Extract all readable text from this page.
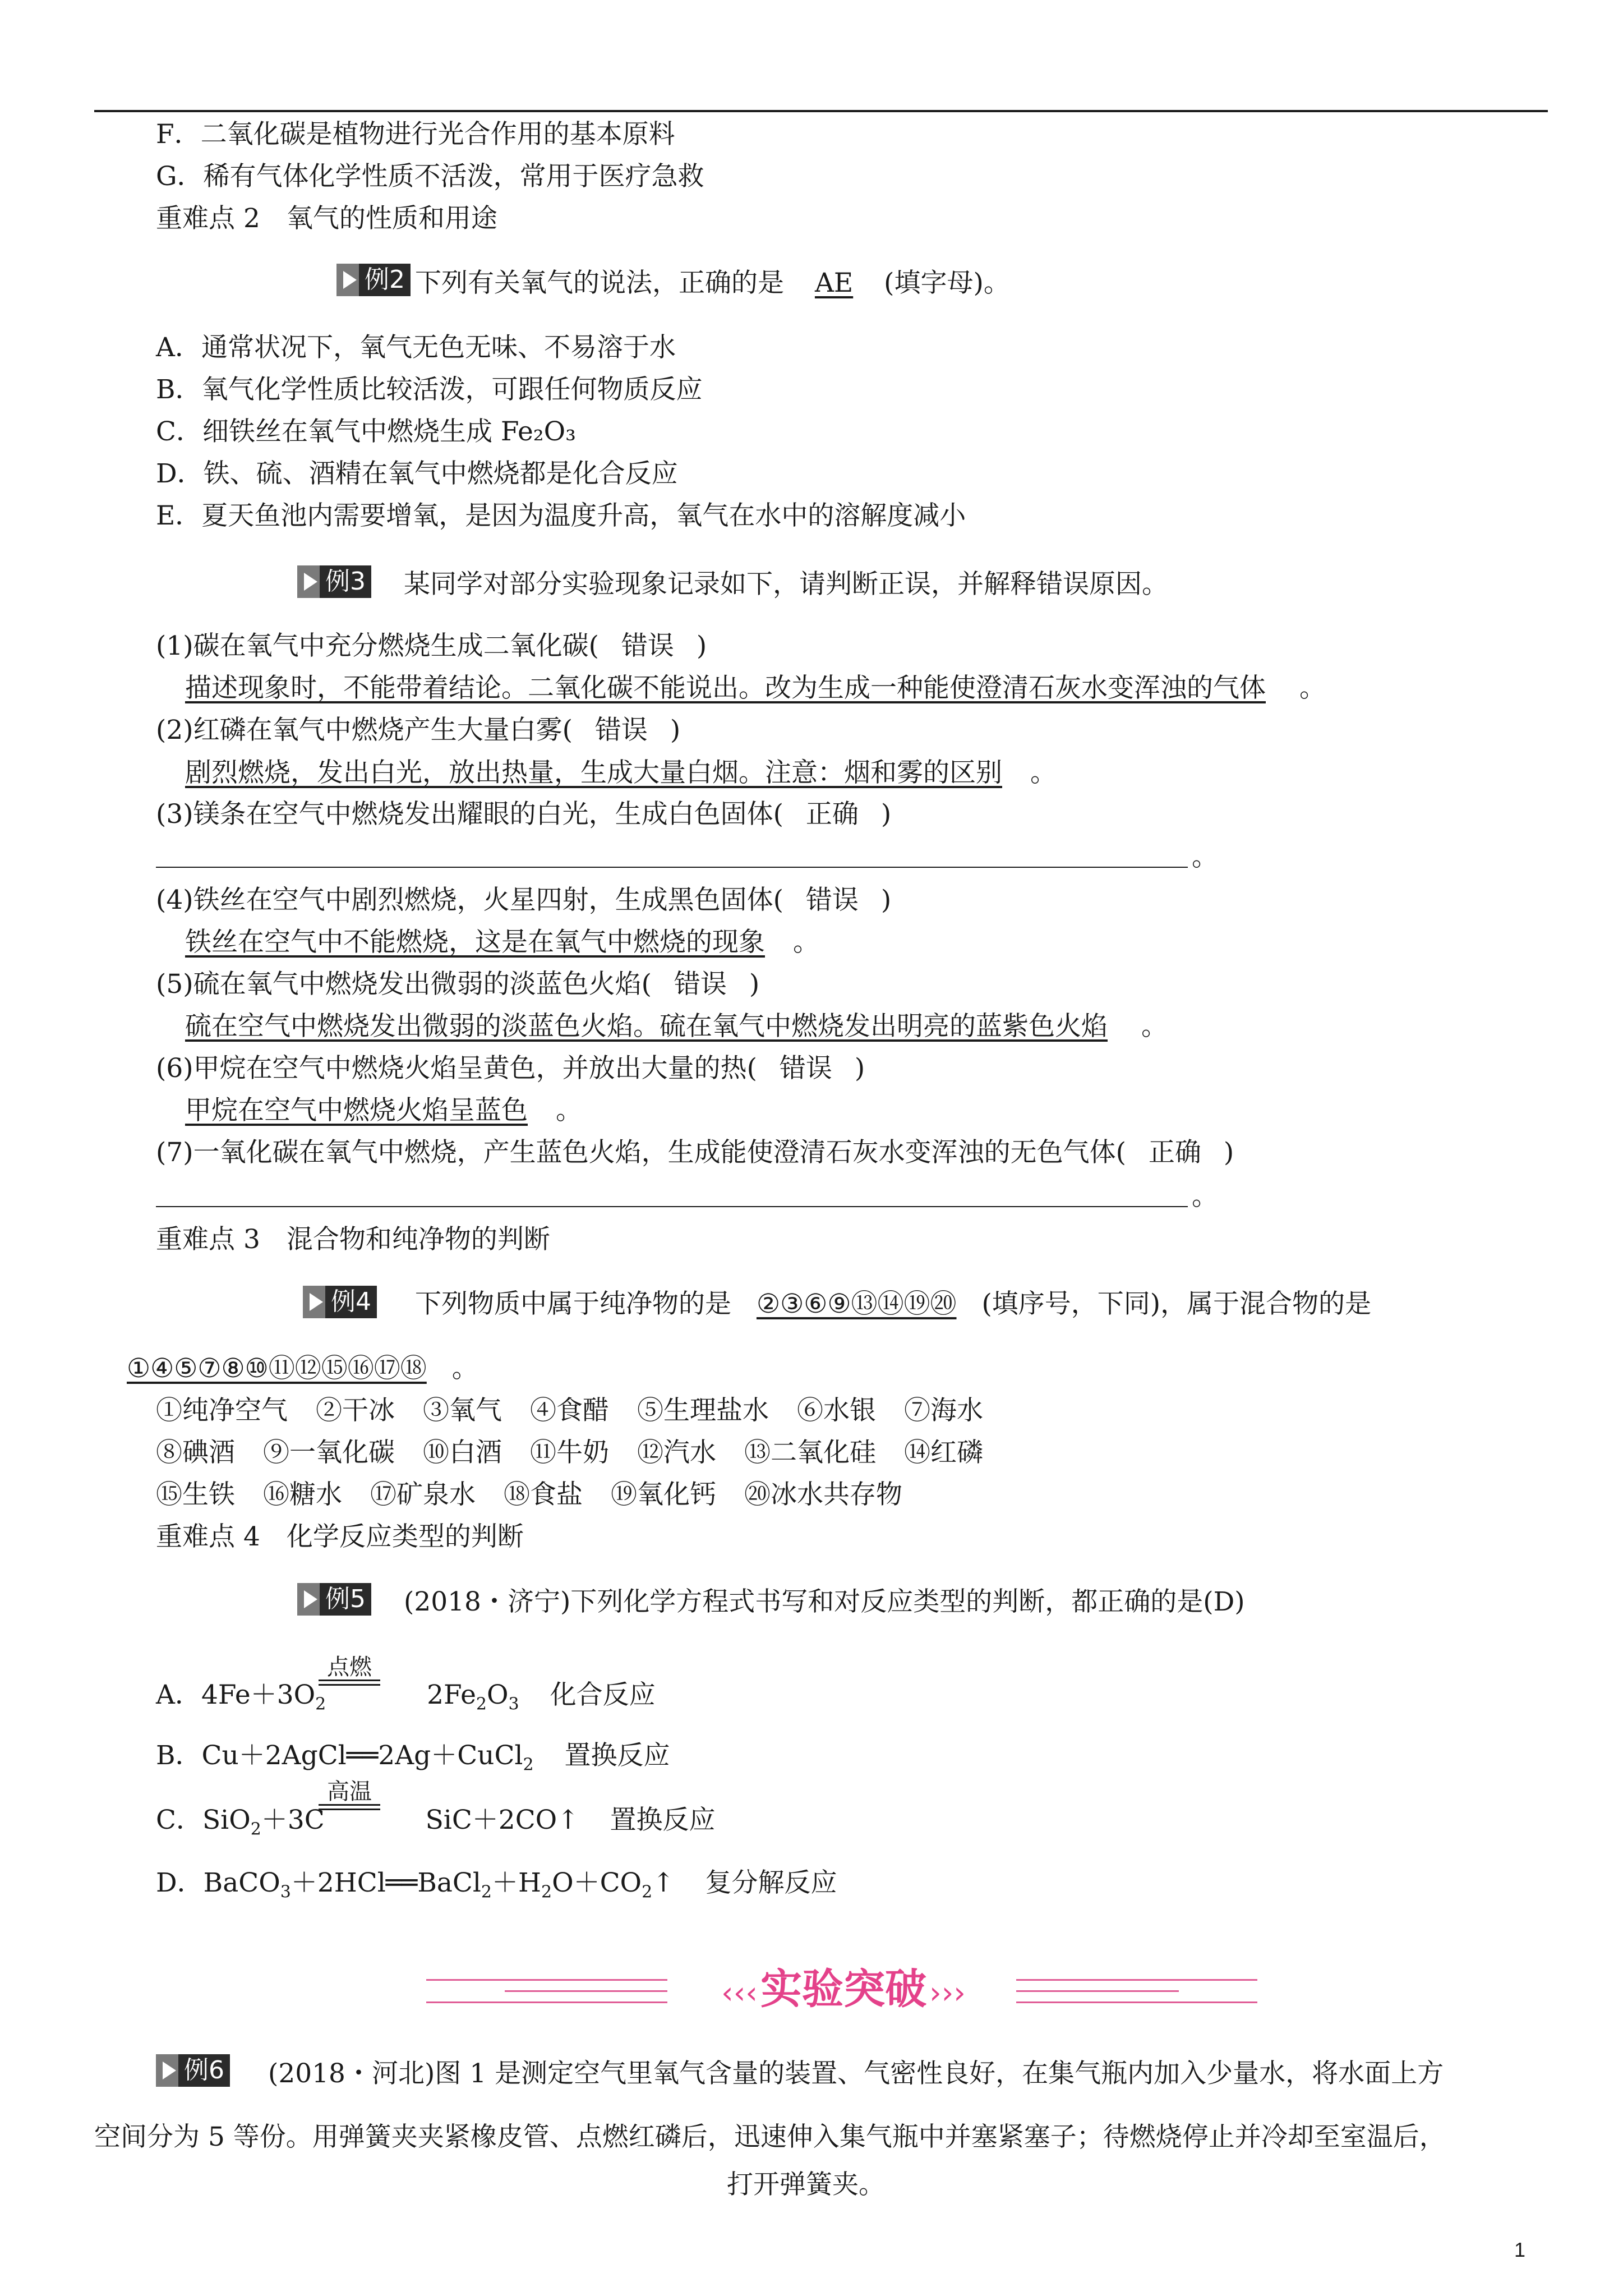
F．二氧化碳是植物进行光合作用的基本原料
G．稀有气体化学性质不活泼，常用于医疗急救
重难点 2　氧气的性质和用途
例2 下列有关氧气的说法，正确的是 AE (填字母)。
A．通常状况下，氧气无色无味、不易溶于水
B．氧气化学性质比较活泼，可跟任何物质反应
C．细铁丝在氧气中燃烧生成 Fe₂O₃
D．铁、硫、酒精在氧气中燃烧都是化合反应
E．夏天鱼池内需要增氧，是因为温度升高，氧气在水中的溶解度减小
例3 某同学对部分实验现象记录如下，请判断正误，并解释错误原因。
(1)碳在氧气中充分燃烧生成二氧化碳( 错误 )
描述现象时，不能带着结论。二氧化碳不能说出。改为生成一种能使澄清石灰水变浑浊的气体 。
(2)红磷在氧气中燃烧产生大量白雾( 错误 )
剧烈燃烧，发出白光，放出热量，生成大量白烟。注意：烟和雾的区别 。
(3)镁条在空气中燃烧发出耀眼的白光，生成白色固体( 正确 )
。
(4)铁丝在空气中剧烈燃烧，火星四射，生成黑色固体( 错误 )
铁丝在空气中不能燃烧，这是在氧气中燃烧的现象 。
(5)硫在氧气中燃烧发出微弱的淡蓝色火焰( 错误 )
硫在空气中燃烧发出微弱的淡蓝色火焰。硫在氧气中燃烧发出明亮的蓝紫色火焰 。
(6)甲烷在空气中燃烧火焰呈黄色，并放出大量的热( 错误 )
甲烷在空气中燃烧火焰呈蓝色 。
(7)一氧化碳在氧气中燃烧，产生蓝色火焰，生成能使澄清石灰水变浑浊的无色气体( 正确 )
。
重难点 3　混合物和纯净物的判断
例4 下列物质中属于纯净物的是 ②③⑥⑨⑬⑭⑲⑳ (填序号，下同)，属于混合物的是
①④⑤⑦⑧⑩⑪⑫⑮⑯⑰⑱ 。
①纯净空气 ②干冰 ③氧气 ④食醋 ⑤生理盐水 ⑥水银 ⑦海水
⑧碘酒 ⑨一氧化碳 ⑩白酒 ⑪牛奶 ⑫汽水 ⑬二氧化硅 ⑭红磷
⑮生铁 ⑯糖水 ⑰矿泉水 ⑱食盐 ⑲氧化钙 ⑳冰水共存物
重难点 4　化学反应类型的判断
例5 (2018・济宁)下列化学方程式书写和对反应类型的判断，都正确的是(D)
A．$4Fe+3O_2$	$2Fe_2O_3$ 化合反应
点燃
B．Cu＋2AgCl══2Ag＋CuCl$_2$ 置换反应
C．SiO$_2$＋3C	SiC＋2CO↑ 置换反应
高温
D．$BaCO_3+2HCl══BaCl_2+H_2O+CO_2↑$ 复分解反应
‹‹‹ 实验突破 ›››
例6 (2018・河北)图 1 是测定空气里氧气含量的装置、气密性良好，在集气瓶内加入少量水，将水面上方
空间分为 5 等份。用弹簧夹夹紧橡皮管、点燃红磷后，迅速伸入集气瓶中并塞紧塞子；待燃烧停止并冷却至室温后，
打开弹簧夹。
1
